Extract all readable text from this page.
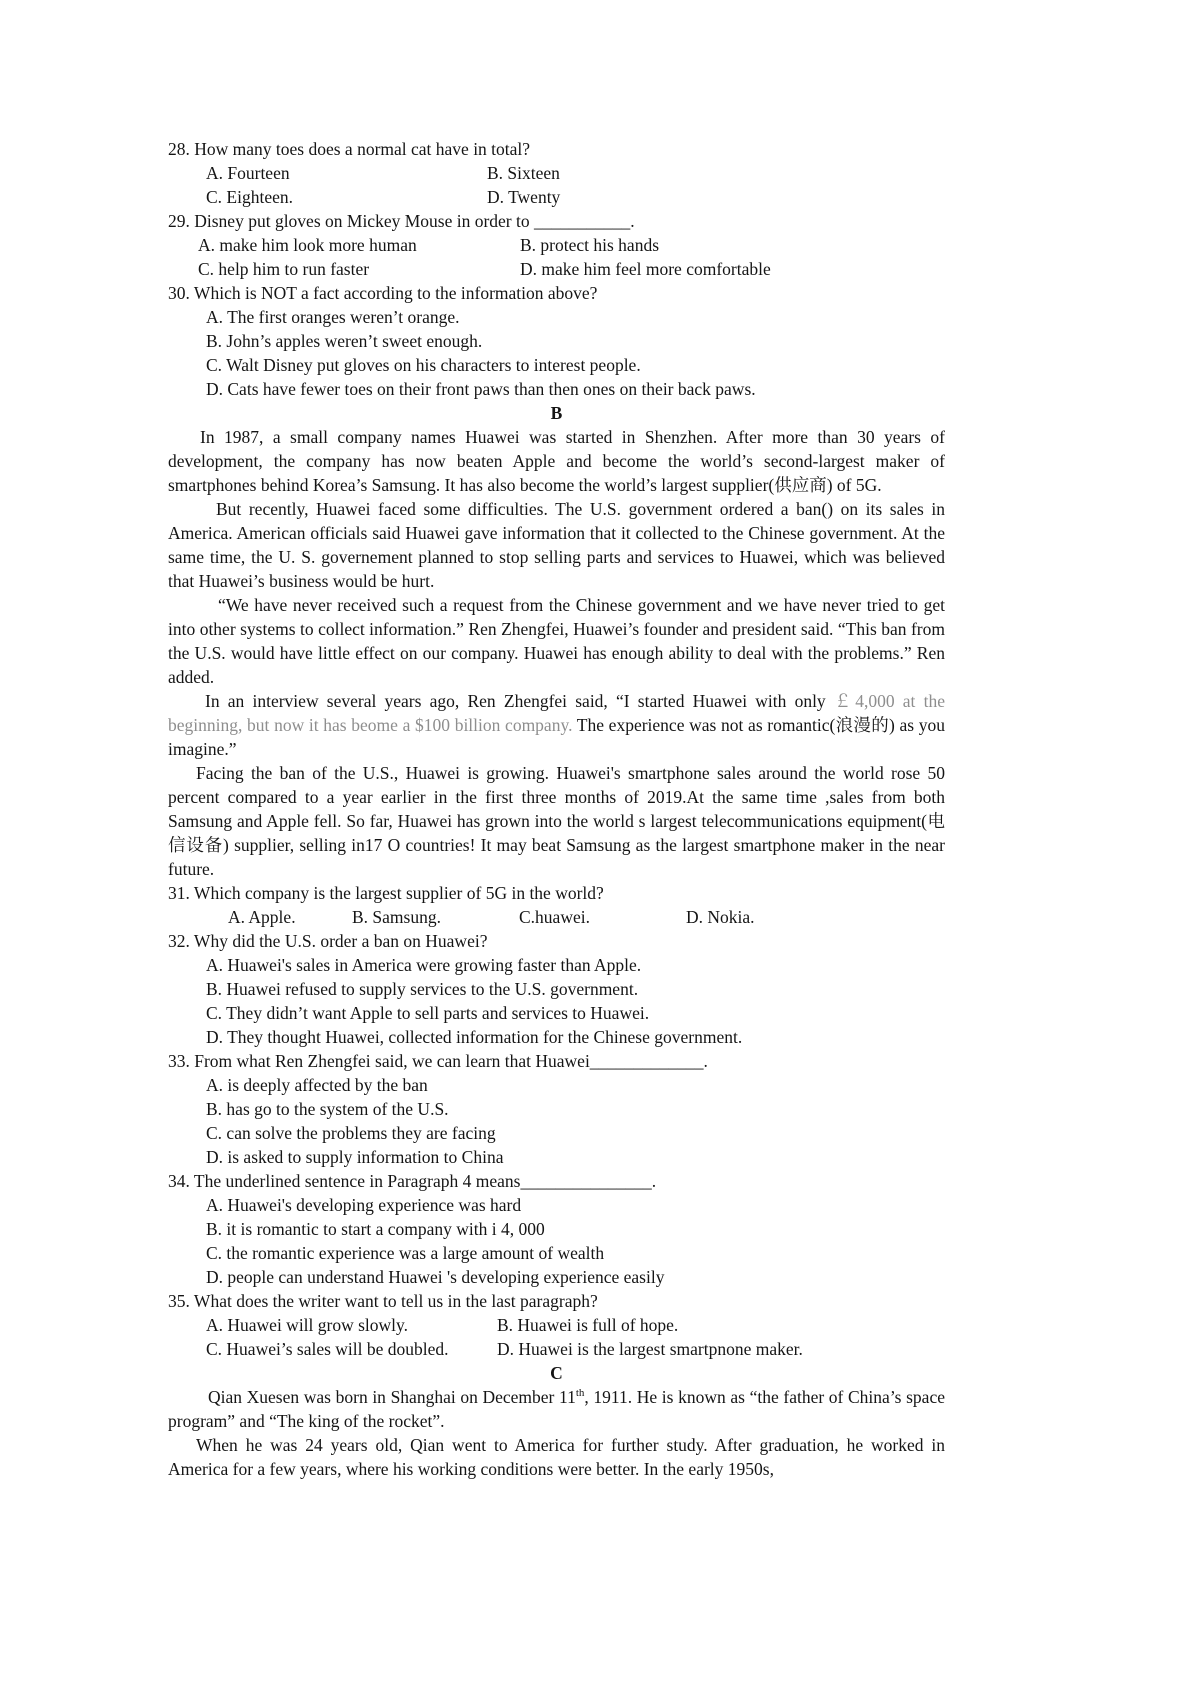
28. How many toes does a normal cat have in total?

A. Fourteen	B. Sixteen
C. Eighteen.	D. Twenty

29. Disney put gloves on Mickey Mouse in order to ___________.

A. make him look more human	B. protect his hands
C. help him to run faster	D. make him feel more comfortable

30. Which is NOT a fact according to the information above?

A. The first oranges weren’t orange.

B. John’s apples weren’t sweet enough.

C. Walt Disney put gloves on his characters to interest people.

D. Cats have fewer toes on their front paws than then ones on their back paws.

B

In 1987, a small company names Huawei was started in Shenzhen. After more than 30 years of development, the company has now beaten Apple and become the world’s second-largest maker of smartphones behind Korea’s Samsung. It has also become the world’s largest supplier(供应商) of 5G.

But recently, Huawei faced some difficulties. The U.S. government ordered a ban() on its sales in America. American officials said Huawei gave information that it collected to the Chinese government. At the same time, the U. S. governement planned to stop selling parts and services to Huawei, which was believed that Huawei’s business would be hurt.

“We have never received such a request from the Chinese government and we have never tried to get into other systems to collect information.” Ren Zhengfei, Huawei’s founder and president said. “This ban from the U.S. would have little effect on our company. Huawei has enough ability to deal with the problems.” Ren added.

In an interview several years ago, Ren Zhengfei said, “I started Huawei with only ￡4,000 at the beginning, but now it has beome a $100 billion company. The experience was not as romantic(浪漫的) as you imagine.”

Facing the ban of the U.S., Huawei is growing. Huawei's smartphone sales around the world rose 50 percent compared to a year earlier in the first three months of 2019.At the same time ,sales from both Samsung and Apple fell. So far, Huawei has grown into the world s largest telecommunications equipment(电信设备) supplier, selling in17 O countries! It may beat Samsung as the largest smartphone maker in the near future.

31. Which company is the largest supplier of 5G in the world?

A. Apple.	B. Samsung.	C.huawei.	D. Nokia.

32. Why did the U.S. order a ban on Huawei?

A. Huawei's sales in America were growing faster than Apple.

B. Huawei refused to supply services to the U.S. government.

C. They didn’t want Apple to sell parts and services to Huawei.

D. They thought Huawei, collected information for the Chinese government.

33. From what Ren Zhengfei said, we can learn that Huawei_____________.

A. is deeply affected by the ban

B. has go to the system of the U.S.

C. can solve the problems they are facing

D. is asked to supply information to China

34. The underlined sentence in Paragraph 4 means_______________.

A. Huawei's developing experience was hard

B. it is romantic to start a company with i 4, 000

C. the romantic experience was a large amount of wealth

D. people can understand Huawei 's developing experience easily

35. What does the writer want to tell us in the last paragraph?

A. Huawei will grow slowly.	B. Huawei is full of hope.
C. Huawei’s sales will be doubled.	D. Huawei is the largest smartpnone maker.

C

Qian Xuesen was born in Shanghai on December 11th, 1911. He is known as “the father of China’s space program” and “The king of the rocket”.

When he was 24 years old, Qian went to America for further study. After graduation, he worked in America for a few years, where his working conditions were better. In the early 1950s,
